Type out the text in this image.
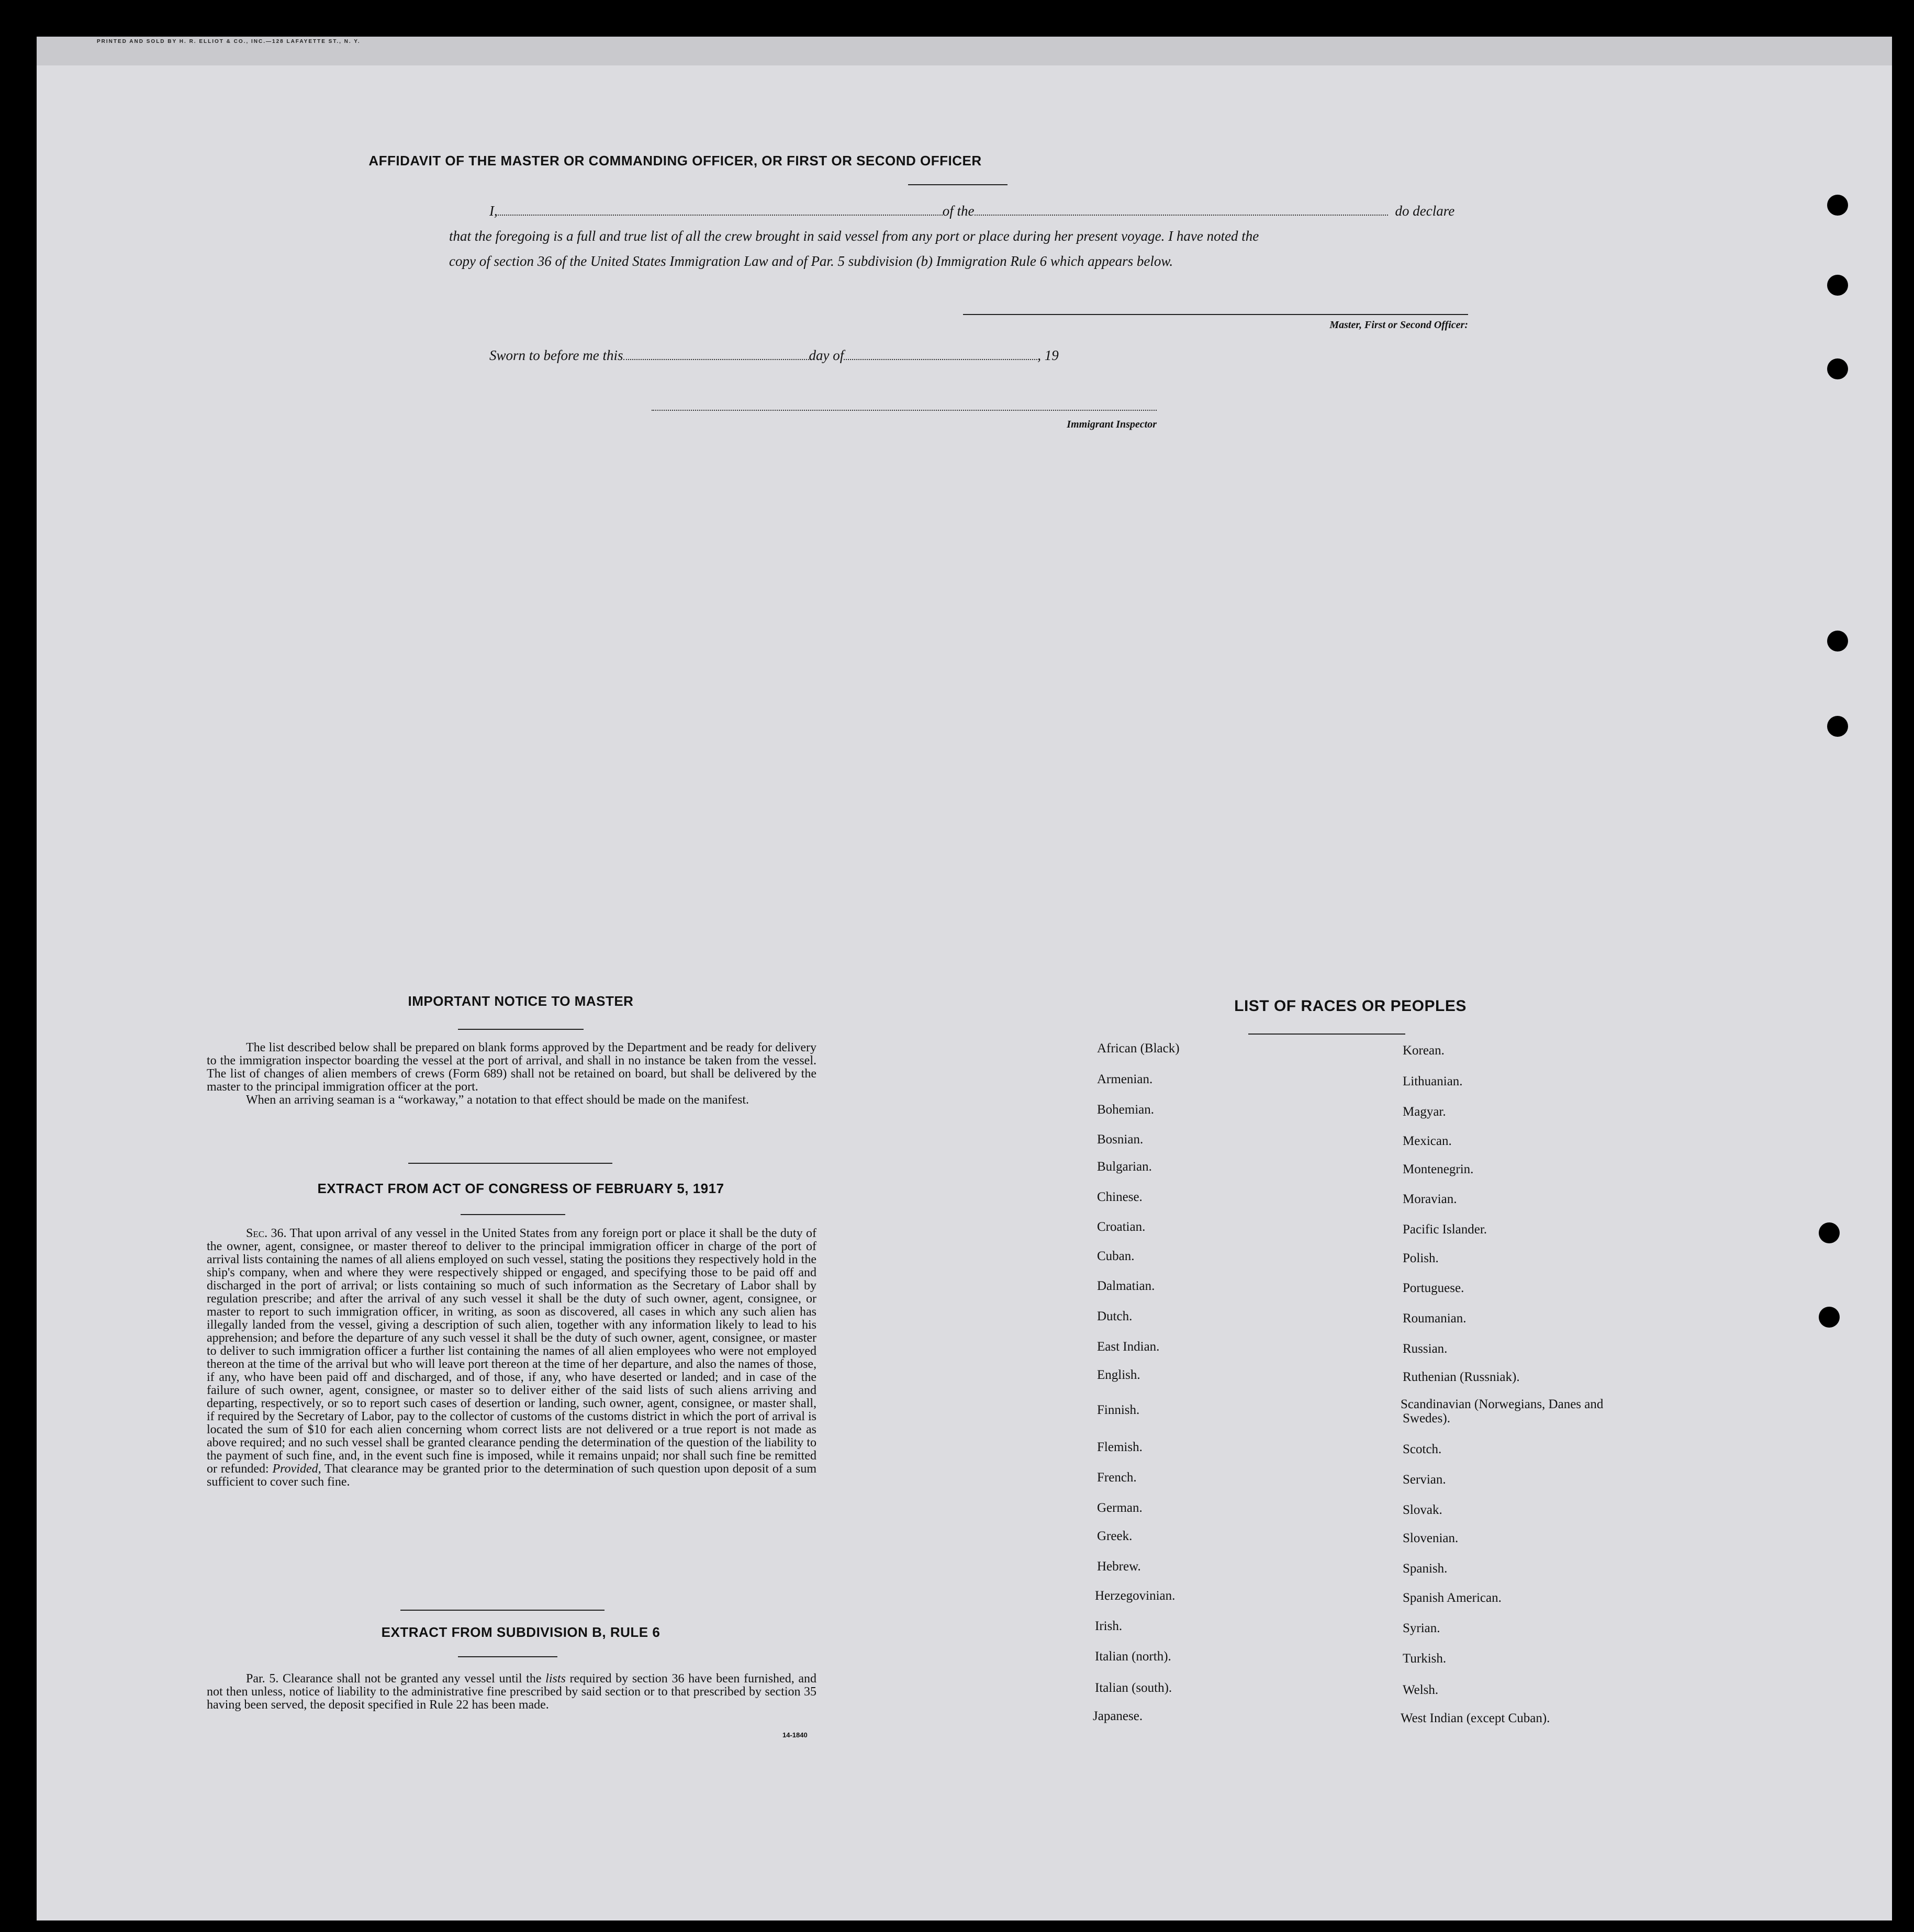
PRINTED AND SOLD BY H. R. ELLIOT & CO., INC.—128 LAFAYETTE ST., N. Y.
AFFIDAVIT OF THE MASTER OR COMMANDING OFFICER, OR FIRST OR SECOND OFFICER
I,	of the	do declare
that the foregoing is a full and true list of all the crew brought in said vessel from any port or place during her present voyage. I have noted the
copy of section 36 of the United States Immigration Law and of Par. 5 subdivision (b) Immigration Rule 6 which appears below.
Master, First or Second Officer:
Sworn to before me this	day of	, 19
Immigrant Inspector
IMPORTANT NOTICE TO MASTER
The list described below shall be prepared on blank forms approved by the Department and be ready for delivery to the immigration inspector boarding the vessel at the port of arrival, and shall in no instance be taken from the vessel. The list of changes of alien members of crews (Form 689) shall not be retained on board, but shall be delivered by the master to the principal immigration officer at the port.
When an arriving seaman is a “workaway,” a notation to that effect should be made on the manifest.
EXTRACT FROM ACT OF CONGRESS OF FEBRUARY 5, 1917
Sec. 36. That upon arrival of any vessel in the United States from any foreign port or place it shall be the duty of the owner, agent, consignee, or master thereof to deliver to the principal immigration officer in charge of the port of arrival lists containing the names of all aliens employed on such vessel, stating the positions they respectively hold in the ship's company, when and where they were respectively shipped or engaged, and specifying those to be paid off and discharged in the port of arrival; or lists containing so much of such information as the Secretary of Labor shall by regulation prescribe; and after the arrival of any such vessel it shall be the duty of such owner, agent, consignee, or master to report to such immigration officer, in writing, as soon as discovered, all cases in which any such alien has illegally landed from the vessel, giving a description of such alien, together with any information likely to lead to his apprehension; and before the departure of any such vessel it shall be the duty of such owner, agent, consignee, or master to deliver to such immigration officer a further list containing the names of all alien employees who were not employed thereon at the time of the arrival but who will leave port thereon at the time of her departure, and also the names of those, if any, who have been paid off and discharged, and of those, if any, who have deserted or landed; and in case of the failure of such owner, agent, consignee, or master so to deliver either of the said lists of such aliens arriving and departing, respectively, or so to report such cases of desertion or landing, such owner, agent, consignee, or master shall, if required by the Secretary of Labor, pay to the collector of customs of the customs district in which the port of arrival is located the sum of $10 for each alien concerning whom correct lists are not delivered or a true report is not made as above required; and no such vessel shall be granted clearance pending the determination of the question of the liability to the payment of such fine, and, in the event such fine is imposed, while it remains unpaid; nor shall such fine be remitted or refunded: Provided, That clearance may be granted prior to the determination of such question upon deposit of a sum sufficient to cover such fine.
EXTRACT FROM SUBDIVISION B, RULE 6
Par. 5. Clearance shall not be granted any vessel until the lists required by section 36 have been furnished, and not then unless, notice of liability to the administrative fine prescribed by said section or to that prescribed by section 35 having been served, the deposit specified in Rule 22 has been made.
14-1840
LIST OF RACES OR PEOPLES
African (Black)
Armenian.
Bohemian.
Bosnian.
Bulgarian.
Chinese.
Croatian.
Cuban.
Dalmatian.
Dutch.
East Indian.
English.
Finnish.
Flemish.
French.
German.
Greek.
Hebrew.
Herzegovinian.
Irish.
Italian (north).
Italian (south).
Japanese.
Korean.
Lithuanian.
Magyar.
Mexican.
Montenegrin.
Moravian.
Pacific Islander.
Polish.
Portuguese.
Roumanian.
Russian.
Ruthenian (Russniak).
Scandinavian (Norwegians, Danes and Swedes).
Scotch.
Servian.
Slovak.
Slovenian.
Spanish.
Spanish American.
Syrian.
Turkish.
Welsh.
West Indian (except Cuban).
